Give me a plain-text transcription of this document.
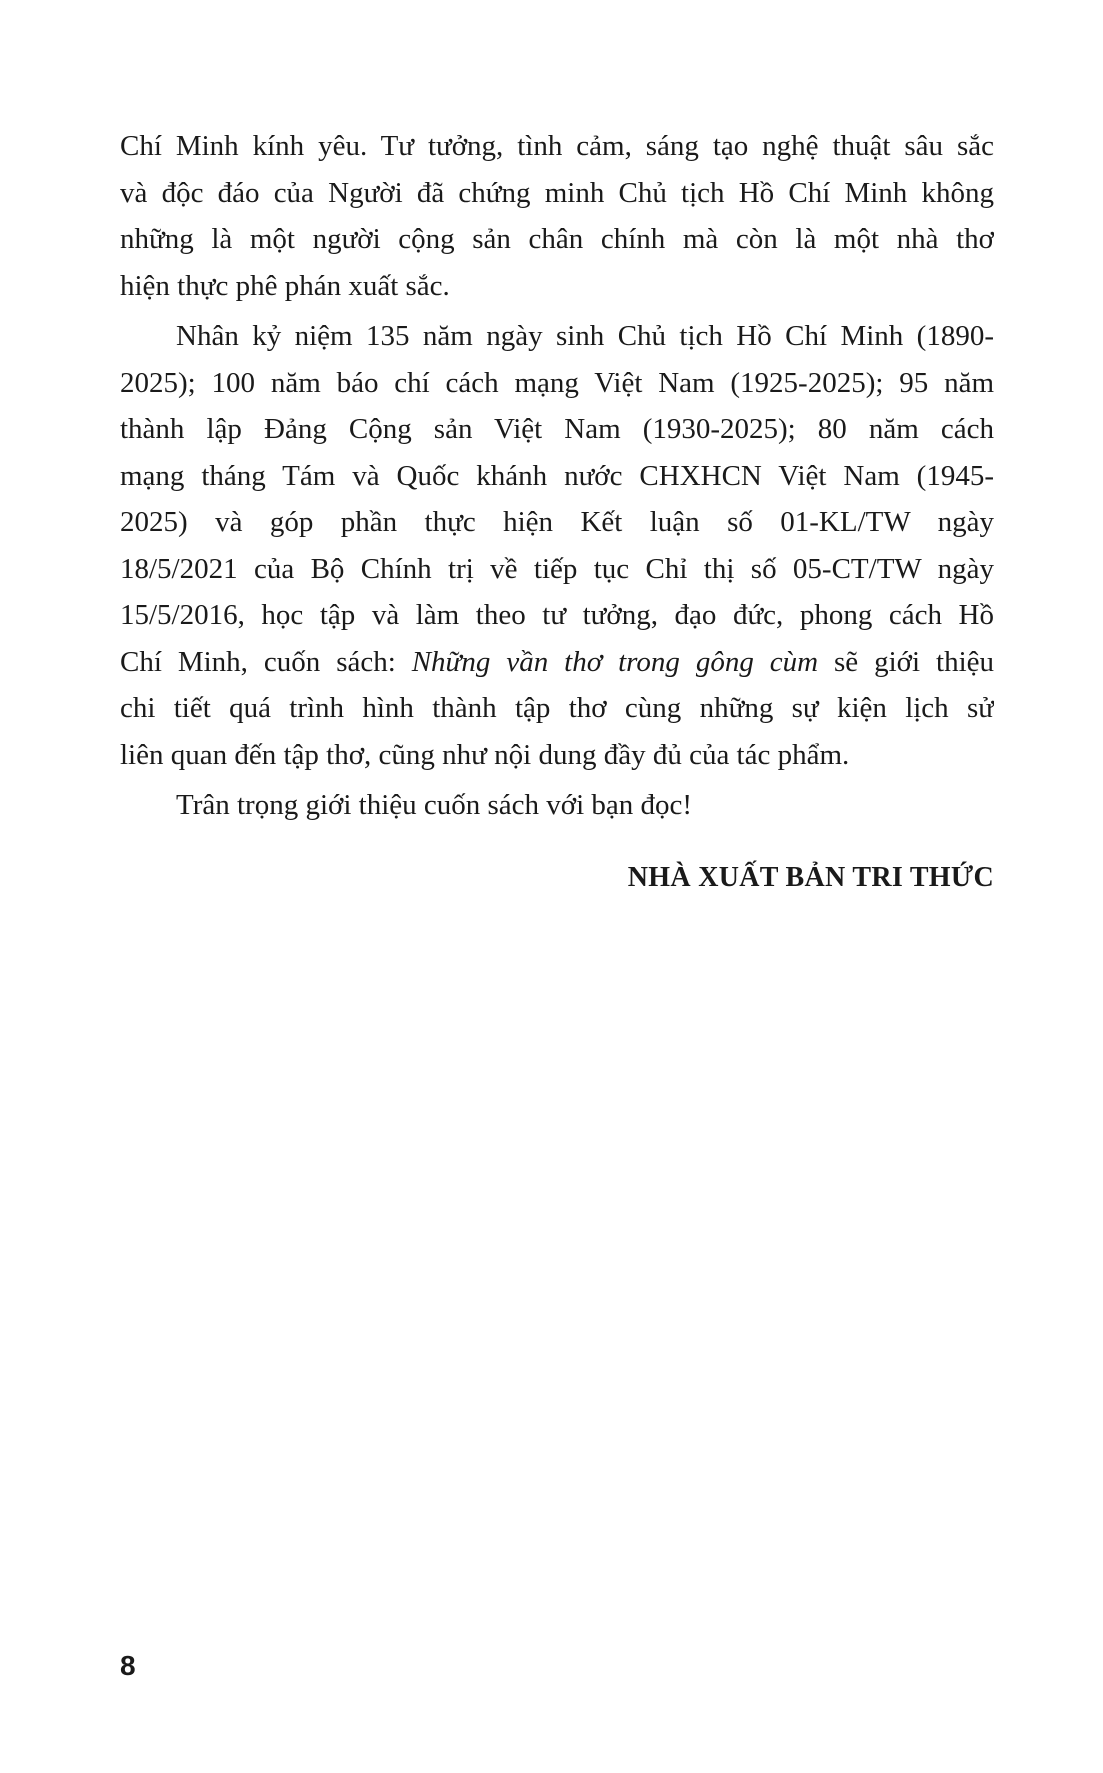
Chí Minh kính yêu. Tư tưởng, tình cảm, sáng tạo nghệ thuật sâu sắc
và độc đáo của Người đã chứng minh Chủ tịch Hồ Chí Minh không
những là một người cộng sản chân chính mà còn là một nhà thơ
hiện thực phê phán xuất sắc.
Nhân kỷ niệm 135 năm ngày sinh Chủ tịch Hồ Chí Minh (1890-
2025); 100 năm báo chí cách mạng Việt Nam (1925-2025); 95 năm
thành lập Đảng Cộng sản Việt Nam (1930-2025); 80 năm cách
mạng tháng Tám và Quốc khánh nước CHXHCN Việt Nam (1945-
2025) và góp phần thực hiện Kết luận số 01-KL/TW ngày
18/5/2021 của Bộ Chính trị về tiếp tục Chỉ thị số 05-CT/TW ngày
15/5/2016, học tập và làm theo tư tưởng, đạo đức, phong cách Hồ
Chí Minh, cuốn sách: Những vần thơ trong gông cùm sẽ giới thiệu
chi tiết quá trình hình thành tập thơ cùng những sự kiện lịch sử
liên quan đến tập thơ, cũng như nội dung đầy đủ của tác phẩm.
Trân trọng giới thiệu cuốn sách với bạn đọc!
NHÀ XUẤT BẢN TRI THỨC
8
